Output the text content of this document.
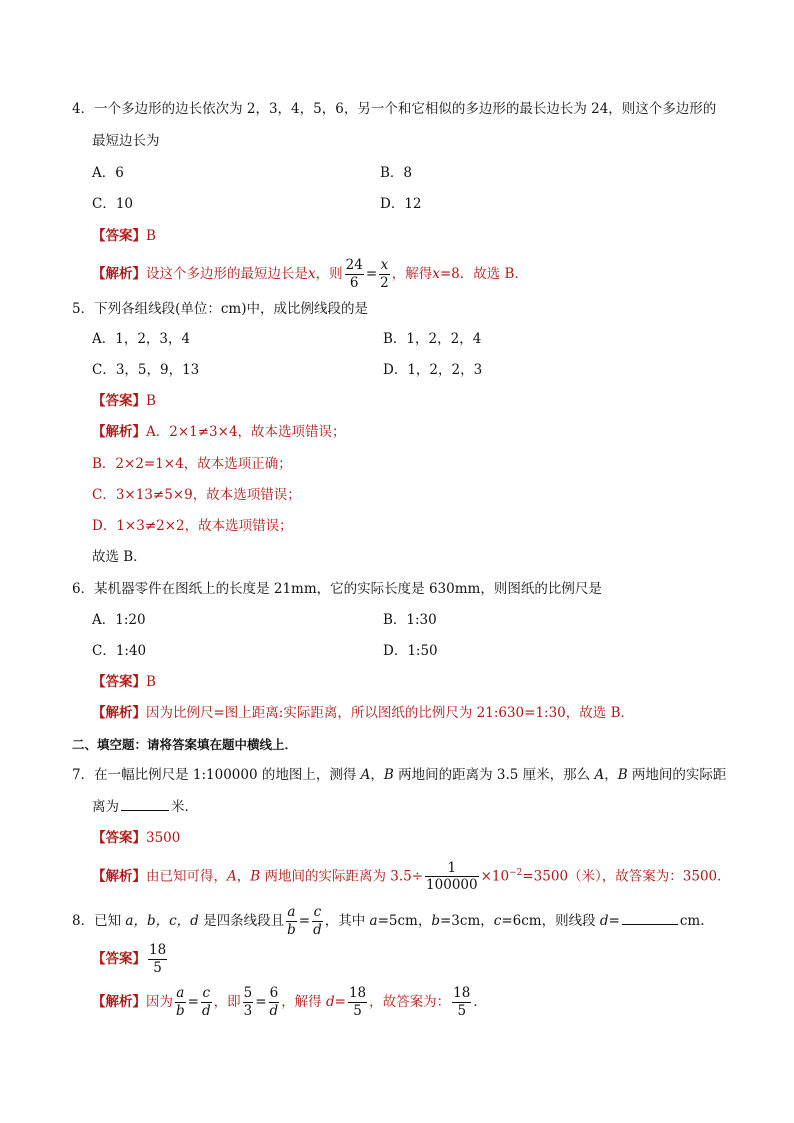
4．一个多边形的边长依次为 2，3，4，5，6，另一个和它相似的多边形的最长边长为 24，则这个多边形的
最短边长为
A．6	B．8
C．10	D．12
【答案】B
【解析】设这个多边形的最短边长是x，则 $\frac{24}{6} = \frac{x}{2}$ ，解得x=8．故选 B．
5．下列各组线段(单位：cm)中，成比例线段的是
A．1，2，3，4	B．1，2，2，4
C．3，5，9，13	D．1，2，2，3
【答案】B
【解析】A．2×1≠3×4，故本选项错误；
B．2×2=1×4，故本选项正确；
C．3×13≠5×9，故本选项错误；
D．1×3≠2×2，故本选项错误；
故选 B．
6．某机器零件在图纸上的长度是 21mm，它的实际长度是 630mm，则图纸的比例尺是
A．1:20	B．1:30
C．1:40	D．1:50
【答案】B
【解析】因为比例尺=图上距离:实际距离，所以图纸的比例尺为 21:630=1:30，故选 B．
二、填空题：请将答案填在题中横线上．
7．在一幅比例尺是 1:100000 的地图上，测得 A，B 两地间的距离为 3.5 厘米，那么 A，B 两地间的实际距
离为	米．
【答案】3500
【解析】由已知可得，A，B 两地间的实际距离为 $3.5\div \frac{1}{100000} \times 10^{-2}=3500$（米），故答案为：3500．
8．已知 a，b，c，d 是四条线段且 $\frac{a}{b} = \frac{c}{d}$ ，其中 a=5cm，b=3cm，c=6cm，则线段 d=	cm.
【答案】 $\frac{18}{5}$
【解析】因为 $\frac{a}{b} = \frac{c}{d}$ ，即 $\frac{5}{3} = \frac{6}{d}$ ，解得 $d= \frac{18}{5}$ ，故答案为： $\frac{18}{5}$ ．
